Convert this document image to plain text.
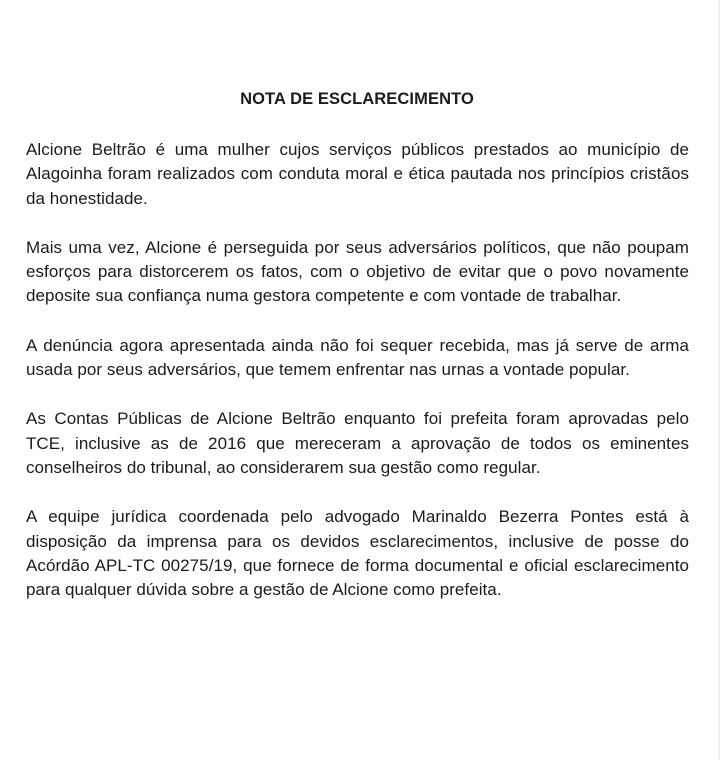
NOTA DE ESCLARECIMENTO

Alcione Beltrão é uma mulher cujos serviços públicos prestados ao município de Alagoinha foram realizados com conduta moral e ética pautada nos princípios cristãos da honestidade.

Mais uma vez, Alcione é perseguida por seus adversários políticos, que não poupam esforços para distorcerem os fatos, com o objetivo de evitar que o povo novamente deposite sua confiança numa gestora competente e com vontade de trabalhar.

A denúncia agora apresentada ainda não foi sequer recebida, mas já serve de arma usada por seus adversários, que temem enfrentar nas urnas a vontade popular.

As Contas Públicas de Alcione Beltrão enquanto foi prefeita foram aprovadas pelo TCE, inclusive as de 2016 que mereceram a aprovação de todos os eminentes conselheiros do tribunal, ao considerarem sua gestão como regular.

A equipe jurídica coordenada pelo advogado Marinaldo Bezerra Pontes está à disposição da imprensa para os devidos esclarecimentos, inclusive de posse do Acórdão APL-TC 00275/19, que fornece de forma documental e oficial esclarecimento para qualquer dúvida sobre a gestão de Alcione como prefeita.
